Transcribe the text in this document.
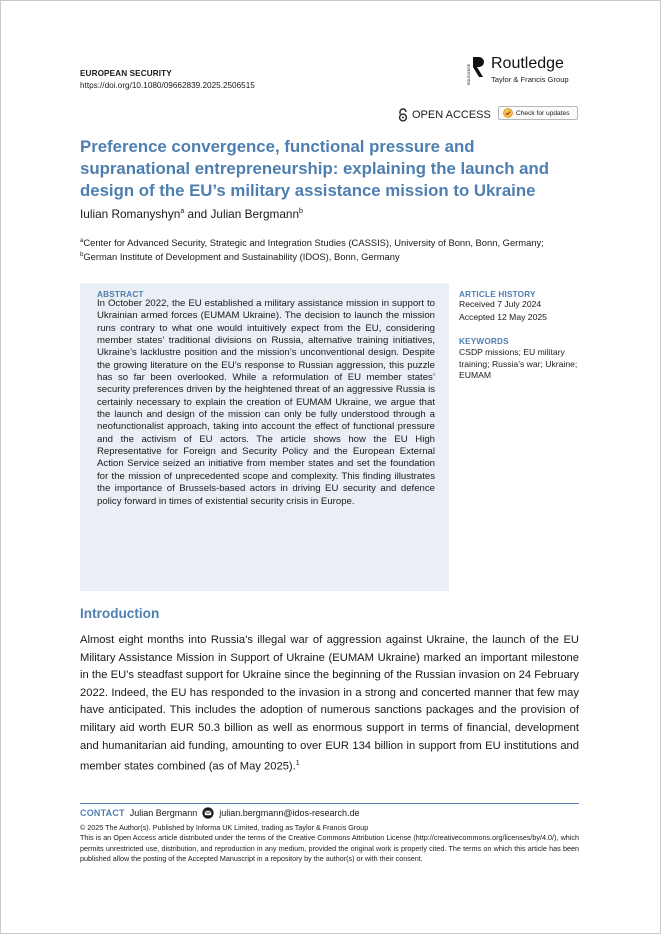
EUROPEAN SECURITY
https://doi.org/10.1080/09662839.2025.2506515
ROUTLEDGE
Routledge
Taylor & Francis Group
OPEN ACCESS	Check for updates
Preference convergence, functional pressure and supranational entrepreneurship: explaining the launch and design of the EU’s military assistance mission to Ukraine
Iulian Romanyshyn$^a$ and Julian Bergmann$^b$
$^a$Center for Advanced Security, Strategic and Integration Studies (CASSIS), University of Bonn, Bonn, Germany; $^b$German Institute of Development and Sustainability (IDOS), Bonn, Germany
ABSTRACT
In October 2022, the EU established a military assistance mission in support to Ukrainian armed forces (EUMAM Ukraine). The decision to launch the mission runs contrary to what one would intuitively expect from the EU, considering member states’ traditional divisions on Russia, alternative training initiatives, Ukraine’s lacklustre position and the mission’s unconventional design. Despite the growing literature on the EU’s response to Russian aggression, this puzzle has so far been overlooked. While a reformulation of EU member states’ security preferences driven by the heightened threat of an aggressive Russia is certainly necessary to explain the creation of EUMAM Ukraine, we argue that the launch and design of the mission can only be fully understood through a neofunctionalist approach, taking into account the effect of functional pressure and the activism of EU actors. The article shows how the EU High Representative for Foreign and Security Policy and the European External Action Service seized an initiative from member states and set the foundation for the mission of unprecedented scope and complexity. This finding illustrates the importance of Brussels-based actors in driving EU security and defence policy forward in times of existential security crisis in Europe.
ARTICLE HISTORY
Received 7 July 2024
Accepted 12 May 2025
KEYWORDS
CSDP missions; EU military training; Russia’s war; Ukraine; EUMAM
Introduction
Almost eight months into Russia’s illegal war of aggression against Ukraine, the launch of the EU Military Assistance Mission in Support of Ukraine (EUMAM Ukraine) marked an important milestone in the EU’s steadfast support for Ukraine since the beginning of the Russian invasion on 24 February 2022. Indeed, the EU has responded to the invasion in a strong and concerted manner that few may have anticipated. This includes the adoption of numerous sanctions packages and the provision of military aid worth EUR 50.3 billion as well as enormous support in terms of financial, development and humanitarian aid funding, amounting to over EUR 134 billion in support from EU institutions and member states combined (as of May 2025).$^1$
CONTACT Julian Bergmann julian.bergmann@idos-research.de
© 2025 The Author(s). Published by Informa UK Limited, trading as Taylor & Francis Group
This is an Open Access article distributed under the terms of the Creative Commons Attribution License (http://creativecommons.org/licenses/by/4.0/), which permits unrestricted use, distribution, and reproduction in any medium, provided the original work is properly cited. The terms on which this article has been published allow the posting of the Accepted Manuscript in a repository by the author(s) or with their consent.
